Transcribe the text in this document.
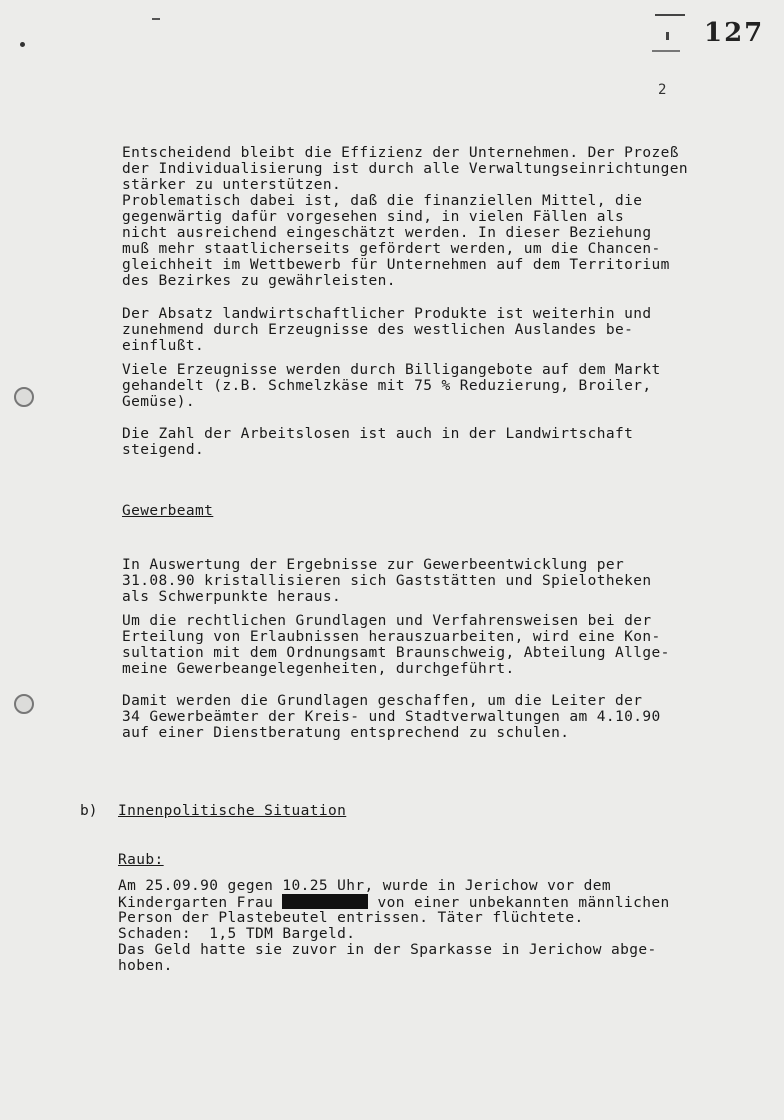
127
2
Entscheidend bleibt die Effizienz der Unternehmen. Der Prozeß
der Individualisierung ist durch alle Verwaltungseinrichtungen
stärker zu unterstützen.
Problematisch dabei ist, daß die finanziellen Mittel, die
gegenwärtig dafür vorgesehen sind, in vielen Fällen als
nicht ausreichend eingeschätzt werden. In dieser Beziehung
muß mehr staatlicherseits gefördert werden, um die Chancen-
gleichheit im Wettbewerb für Unternehmen auf dem Territorium
des Bezirkes zu gewährleisten.
Der Absatz landwirtschaftlicher Produkte ist weiterhin und
zunehmend durch Erzeugnisse des westlichen Auslandes be-
einflußt.
Viele Erzeugnisse werden durch Billigangebote auf dem Markt
gehandelt (z.B. Schmelzkäse mit 75 % Reduzierung, Broiler,
Gemüse).
Die Zahl der Arbeitslosen ist auch in der Landwirtschaft
steigend.
Gewerbeamt
In Auswertung der Ergebnisse zur Gewerbeentwicklung per
31.08.90 kristallisieren sich Gaststätten und Spielotheken
als Schwerpunkte heraus.
Um die rechtlichen Grundlagen und Verfahrensweisen bei der
Erteilung von Erlaubnissen herauszuarbeiten, wird eine Kon-
sultation mit dem Ordnungsamt Braunschweig, Abteilung Allge-
meine Gewerbeangelegenheiten, durchgeführt.
Damit werden die Grundlagen geschaffen, um die Leiter der
34 Gewerbeämter der Kreis- und Stadtverwaltungen am 4.10.90
auf einer Dienstberatung entsprechend zu schulen.
b) Innenpolitische Situation
Raub:
Am 25.09.90 gegen 10.25 Uhr, wurde in Jerichow vor dem
Kindergarten Frau	von einer unbekannten männlichen
Person der Plastebeutel entrissen. Täter flüchtete.
Schaden:  1,5 TDM Bargeld.
Das Geld hatte sie zuvor in der Sparkasse in Jerichow abge-
hoben.
